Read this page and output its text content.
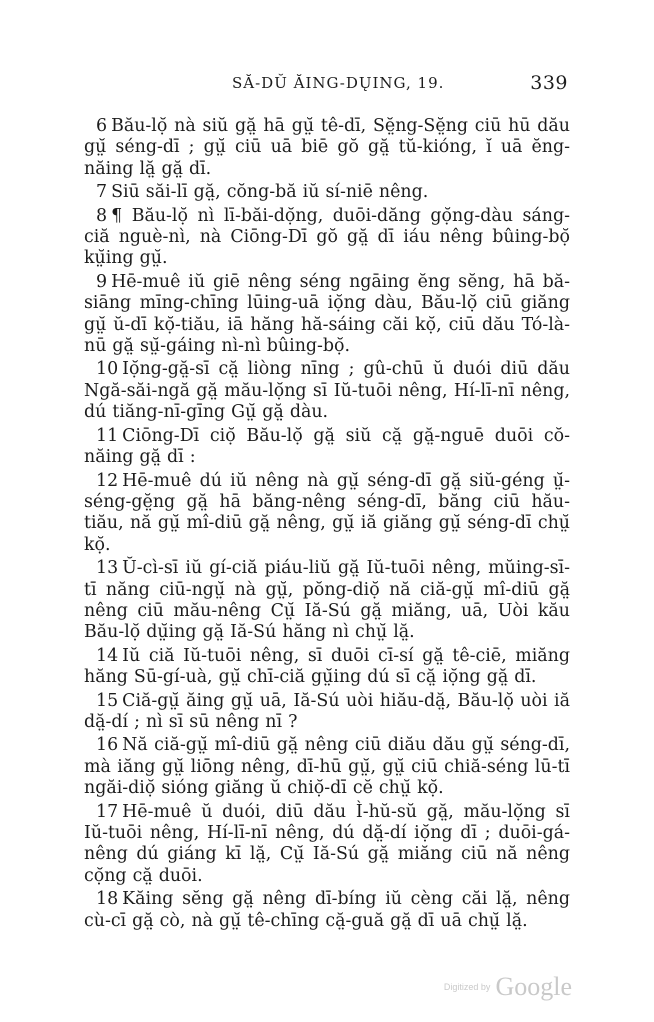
SĂ-DŬ ĂING-DŲING, 19.	339

6 Bău-lọ̆ nà siŭ gă̤ hā gṳ̆ tê-dī, Sĕ̤ng-Sĕ̤ng ciū hū dău gṳ̆ séng-dī ; gṳ̆ ciū uā biē gŏ gă̤ tŭ-kióng, ĭ uā ĕng-năing lă̤ gă̤ dī.

7 Siū săi-lī gă̤, cŏng-bă iŭ sí-niē nêng.

8 ¶ Bău-lọ̆ nì lī-băi-dọ̆ng, duōi-dăng gọ̆ng-dàu sáng-ciă nguè-nì, nà Ciōng-Dī gŏ gă̤ dī iáu nêng bûing-bọ̆ kṳ̆ing gṳ̆.

9 Hē-muê iŭ giē nêng séng ngāing ĕng sĕng, hā bă-siāng mīng-chīng lūing-uā iọ̆ng dàu, Bău-lọ̆ ciū giăng gṳ̆ ŭ-dī kọ̆-tiău, iā hăng hă-sáing căi kọ̆, ciū dău Tó-là-nū gă̤ sṳ̆-gáing nì-nì bûing-bọ̆.

10 Iọ̆ng-gă̤-sī că̤ liòng nīng ; gû-chū ŭ duói diū dău Ngă-săi-ngă gă̤ mău-lọ̆ng sī Iŭ-tuōi nêng, Hí-lī-nī nêng, dú tiăng-nī-gīng Gṳ̆ gă̤ dàu.

11 Ciōng-Dī ciọ̆ Bău-lọ̆ gă̤ siŭ că̤ gă̤-nguē duōi cŏ-năing gă̤ dī :

12 Hē-muê dú iŭ nêng nà gṳ̆ séng-dī gă̤ siŭ-géng ṳ̆-séng-gĕ̤ng gă̤ hā băng-nêng séng-dī, băng ciū hău-tiău, nă gṳ̆ mî-diū gă̤ nêng, gṳ̆ iă giăng gṳ̆ séng-dī chṳ̆ kọ̆.

13 Ŭ-cì-sī iŭ gí-ciă piáu-liŭ gă̤ Iŭ-tuōi nêng, mŭing-sī-tī năng ciū-ngṳ̆ nà gṳ̆, pŏng-diọ̆ nă ciă-gṳ̆ mî-diū gă̤ nêng ciū mău-nêng Cṳ̆ Iă-Sú gă̤ miăng, uā, Uòi kău Bău-lọ̆ dṳ̆ing gă̤ Iă-Sú hăng nì chṳ̆ lă̤.

14 Iŭ ciă Iŭ-tuōi nêng, sī duōi cī-sí gă̤ tê-ciē, miăng hăng Sū-gí-uà, gṳ̆ chī-ciă gṳ̆ing dú sī că̤ iọ̆ng gă̤ dī.

15 Ciă-gṳ̆ ăing gṳ̆ uā, Iă-Sú uòi hiău-dă̤, Bău-lọ̆ uòi iă dă̤-dí ; nì sī sū nêng nī ?

16 Nă ciă-gṳ̆ mî-diū gă̤ nêng ciū diău dău gṳ̆ séng-dī, mà iăng gṳ̆ liōng nêng, dī-hū gṳ̆, gṳ̆ ciū chiă-séng lū-tī ngăi-diọ̆ sióng giăng ŭ chiọ̆-dī cĕ chṳ̆ kọ̆.

17 Hē-muê ŭ duói, diū dău Ì-hŭ-sŭ gă̤, mău-lọ̆ng sī Iŭ-tuōi nêng, Hí-lī-nī nêng, dú dă̤-dí iọ̆ng dī ; duōi-gá-nêng dú giáng kī lă̤, Cṳ̆ Iă-Sú gă̤ miăng ciū nă nêng cọ̆ng că̤ duōi.

18 Kăing sĕng gă̤ nêng dī-bíng iŭ cèng căi lă̤, nêng cù-cī gă̤ cò, nà gṳ̆ tê-chīng că̤-guă gă̤ dī uā chṳ̆ lă̤.

Digitized by Google
